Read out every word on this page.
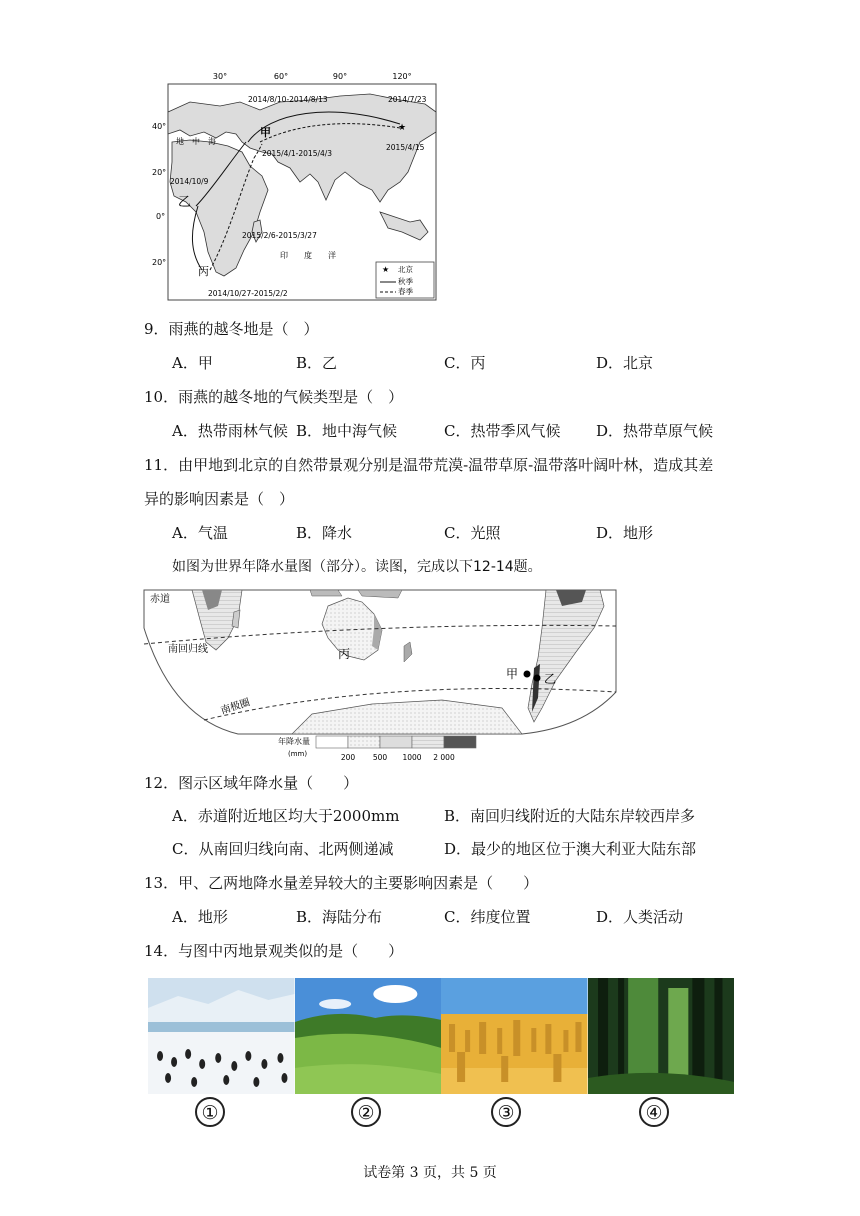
30°	60°	90°	120°
40°
20°
0°
20°
★
甲
乙
丙
地　中　海
印　　度　　洋
2014/8/10-2014/8/13	2014/7/23
2015/4/15
2015/4/1-2015/4/3
2014/10/9
2015/2/6-2015/3/27
2014/10/27-2015/2/2
★ 北京
秋季
春季
9．雨燕的越冬地是（　）
A．甲	B．乙	C．丙	D．北京
10．雨燕的越冬地的气候类型是（　）
A．热带雨林气候 B．地中海气候	C．热带季风气候 D．热带草原气候
11．由甲地到北京的自然带景观分别是温带荒漠-温带草原-温带落叶阔叶林，造成其差
异的影响因素是（　）
A．气温	B．降水	C．光照	D．地形
如图为世界年降水量图（部分）。读图，完成以下12-14题。
赤道
南回归线
南极圈
丙
甲 乙
年降水量
(mm)	200 500 1000 2 000
12．图示区域年降水量（　　）
A．赤道附近地区均大于2000mm	B．南回归线附近的大陆东岸较西岸多
C．从南回归线向南、北两侧递减	D．最少的地区位于澳大利亚大陆东部
13．甲、乙两地降水量差异较大的主要影响因素是（　　）
A．地形	B．海陆分布	C．纬度位置	D．人类活动
14．与图中丙地景观类似的是（　　）
①	②	③	④
试卷第 3 页，共 5 页
